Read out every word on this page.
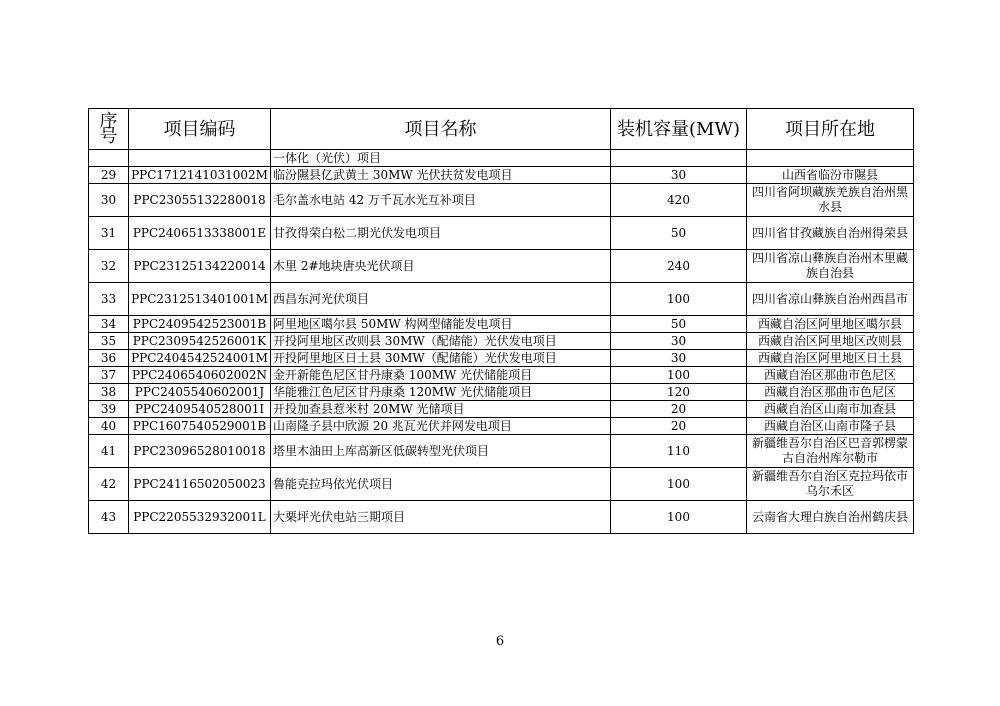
序号	项目编码	项目名称	装机容量(MW)	项目所在地
		一体化（光伏）项目		
29	PPC1712141031002M	临汾隰县亿武黄土 30MW 光伏扶贫发电项目	30	山西省临汾市隰县
30	PPC2305513228001​8	毛尔盖水电站 42 万千瓦水光互补项目	420	四川省阿坝藏族羌族自治州黑水县
31	PPC2406513338001E	甘孜得荣白松二期光伏发电项目	50	四川省甘孜藏族自治州得荣县
32	PPC23125134220014	木里 2#地块唐央光伏项目	240	四川省凉山彝族自治州木里藏族自治县
33	PPC2312513401001M	西昌东河光伏项目	100	四川省凉山彝族自治州西昌市
34	PPC2409542523001B	阿里地区噶尔县 50MW 构网型储能发电项目	50	西藏自治区阿里地区噶尔县
35	PPC2309542526001K	开投阿里地区改则县 30MW（配储能）光伏发电项目	30	西藏自治区阿里地区改则县
36	PPC2404542524001M	开投阿里地区日土县 30MW（配储能）光伏发电项目	30	西藏自治区阿里地区日土县
37	PPC2406540602002N	金开新能色尼区甘丹康桑 100MW 光伏储能项目	100	西藏自治区那曲市色尼区
38	PPC2405540602001J	华能雅江色尼区甘丹康桑 120MW 光伏储能项目	120	西藏自治区那曲市色尼区
39	PPC2409540528001I	开投加查县惹米村 20MW 光储项目	20	西藏自治区山南市加查县
40	PPC1607540529001B	山南隆子县中欣源 20 兆瓦光伏并网发电项目	20	西藏自治区山南市隆子县
41	PPC23096528010018	塔里木油田上库高新区低碳转型光伏项目	110	新疆维吾尔自治区巴音郭楞蒙古自治州库尔勒市
42	PPC24116502050023	鲁能克拉玛依光伏项目	100	新疆维吾尔自治区克拉玛依市乌尔禾区
43	PPC2205532932001L	大栗坪光伏电站三期项目	100	云南省大理白族自治州鹤庆县
6
